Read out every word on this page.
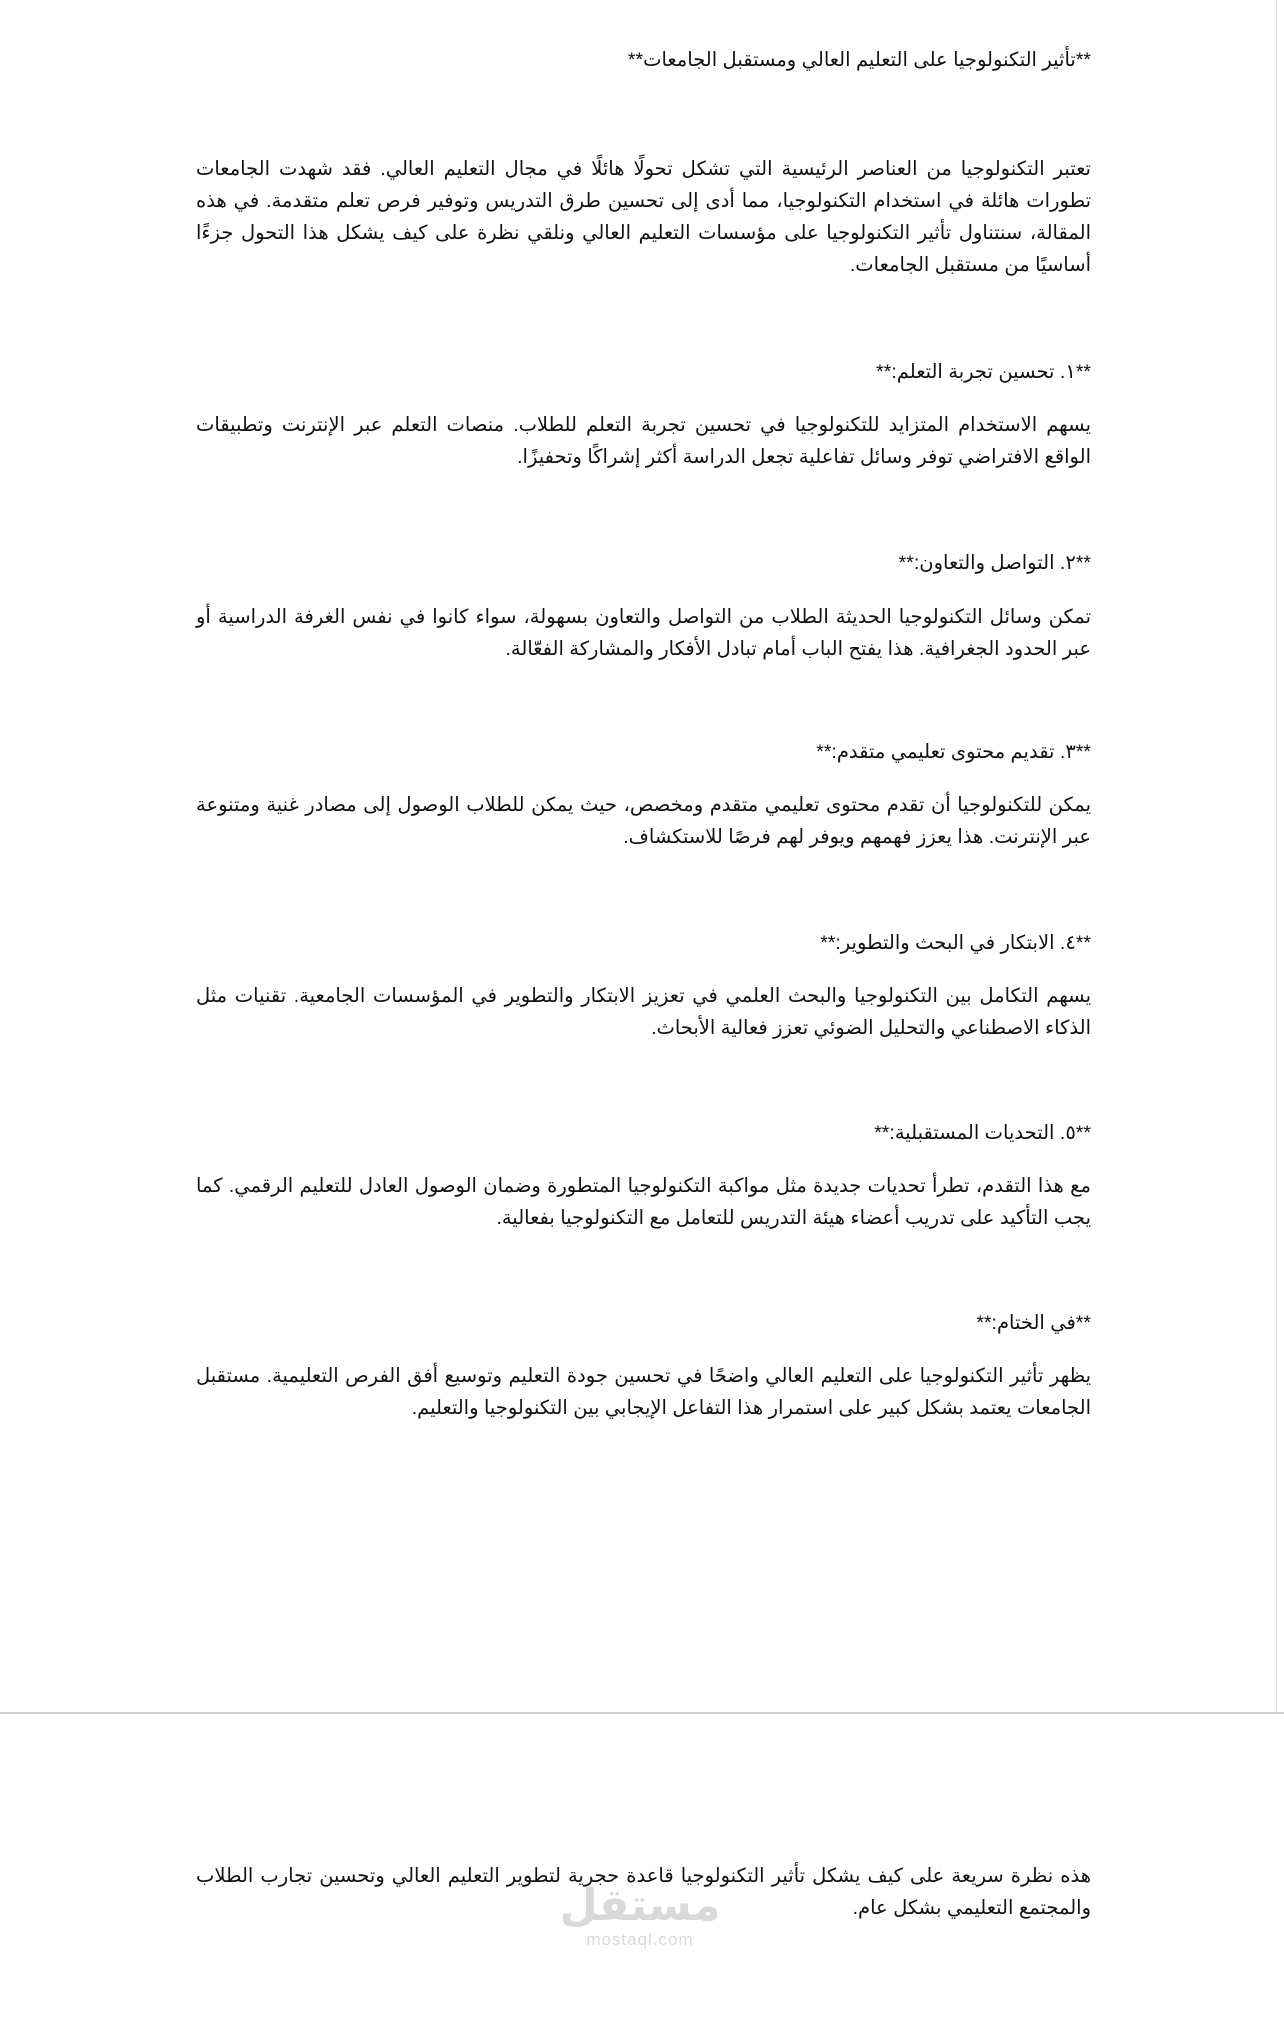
**تأثير التكنولوجيا على التعليم العالي ومستقبل الجامعات**

تعتبر التكنولوجيا من العناصر الرئيسية التي تشكل تحولًا هائلًا في مجال التعليم العالي. فقد شهدت الجامعات تطورات هائلة في استخدام التكنولوجيا، مما أدى إلى تحسين طرق التدريس وتوفير فرص تعلم متقدمة. في هذه المقالة، سنتناول تأثير التكنولوجيا على مؤسسات التعليم العالي ونلقي نظرة على كيف يشكل هذا التحول جزءًا أساسيًا من مستقبل الجامعات.

**١. تحسين تجربة التعلم:**

يسهم الاستخدام المتزايد للتكنولوجيا في تحسين تجربة التعلم للطلاب. منصات التعلم عبر الإنترنت وتطبيقات الواقع الافتراضي توفر وسائل تفاعلية تجعل الدراسة أكثر إشراكًا وتحفيزًا.

**٢. التواصل والتعاون:**

تمكن وسائل التكنولوجيا الحديثة الطلاب من التواصل والتعاون بسهولة، سواء كانوا في نفس الغرفة الدراسية أو عبر الحدود الجغرافية. هذا يفتح الباب أمام تبادل الأفكار والمشاركة الفعّالة.

**٣. تقديم محتوى تعليمي متقدم:**

يمكن للتكنولوجيا أن تقدم محتوى تعليمي متقدم ومخصص، حيث يمكن للطلاب الوصول إلى مصادر غنية ومتنوعة عبر الإنترنت. هذا يعزز فهمهم ويوفر لهم فرصًا للاستكشاف.

**٤. الابتكار في البحث والتطوير:**

يسهم التكامل بين التكنولوجيا والبحث العلمي في تعزيز الابتكار والتطوير في المؤسسات الجامعية. تقنيات مثل الذكاء الاصطناعي والتحليل الضوئي تعزز فعالية الأبحاث.

**٥. التحديات المستقبلية:**

مع هذا التقدم، تطرأ تحديات جديدة مثل مواكبة التكنولوجيا المتطورة وضمان الوصول العادل للتعليم الرقمي. كما يجب التأكيد على تدريب أعضاء هيئة التدريس للتعامل مع التكنولوجيا بفعالية.

**في الختام:**

يظهر تأثير التكنولوجيا على التعليم العالي واضحًا في تحسين جودة التعليم وتوسيع أفق الفرص التعليمية. مستقبل الجامعات يعتمد بشكل كبير على استمرار هذا التفاعل الإيجابي بين التكنولوجيا والتعليم.

هذه نظرة سريعة على كيف يشكل تأثير التكنولوجيا قاعدة حجرية لتطوير التعليم العالي وتحسين تجارب الطلاب والمجتمع التعليمي بشكل عام.

مستقل
mostaql.com
